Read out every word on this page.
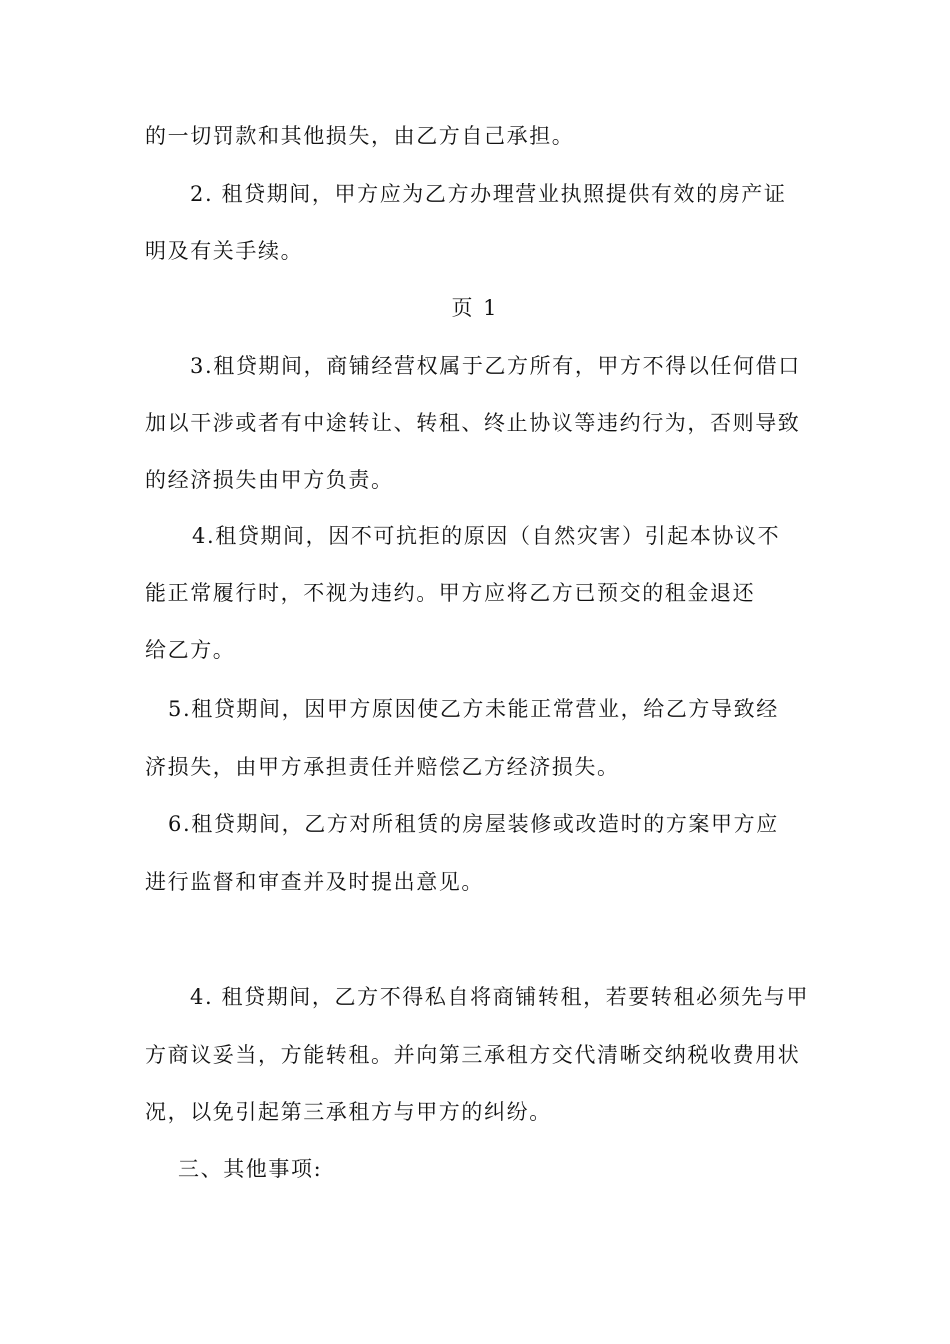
的一切罚款和其他损失，由乙方自己承担。
2. 租贷期间，甲方应为乙方办理营业执照提供有效的房产证
明及有关手续。
页 1
3.租贷期间，商铺经营权属于乙方所有，甲方不得以任何借口
加以干涉或者有中途转让、转租、终止协议等违约行为，否则导致
的经济损失由甲方负责。
4.租贷期间，因不可抗拒的原因（自然灾害）引起本协议不
能正常履行时，不视为违约。甲方应将乙方已预交的租金退还
给乙方。
5.租贷期间，因甲方原因使乙方未能正常营业，给乙方导致经
济损失，由甲方承担责任并赔偿乙方经济损失。
6.租贷期间，乙方对所租赁的房屋装修或改造时的方案甲方应
进行监督和审查并及时提出意见。
4. 租贷期间，乙方不得私自将商铺转租，若要转租必须先与甲
方商议妥当，方能转租。并向第三承租方交代清晰交纳税收费用状
况，以免引起第三承租方与甲方的纠纷。
三、其他事项:
